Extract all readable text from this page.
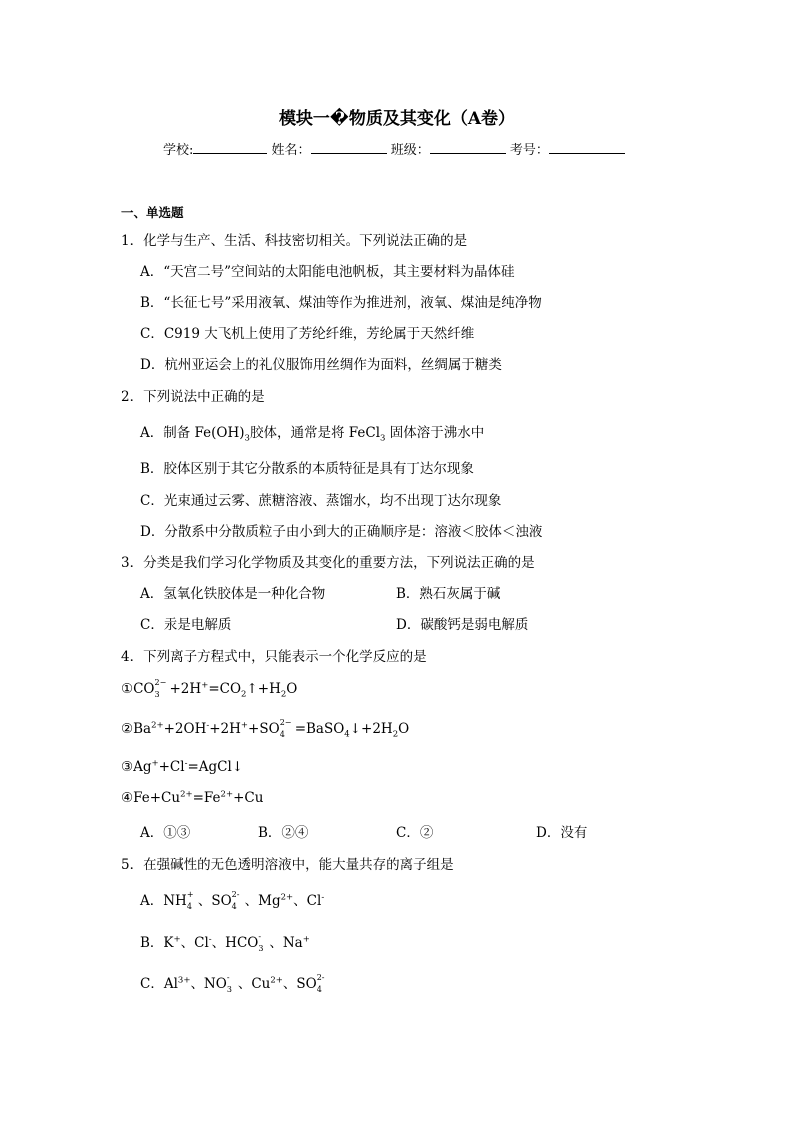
模块一�物质及其变化（A卷）
学校:	姓名：	班级：	考号：
一、单选题
1．化学与生产、生活、科技密切相关。下列说法正确的是
A．“天宫二号”空间站的太阳能电池帆板，其主要材料为晶体硅
B．“长征七号”采用液氧、煤油等作为推进剂，液氧、煤油是纯净物
C．C919 大飞机上使用了芳纶纤维，芳纶属于天然纤维
D．杭州亚运会上的礼仪服饰用丝绸作为面料，丝绸属于糖类
2．下列说法中正确的是
A．制备 $Fe(OH)_3$胶体，通常是将 FeCl$_3$ 固体溶于沸水中
B．胶体区别于其它分散系的本质特征是具有丁达尔现象
C．光束通过云雾、蔗糖溶液、蒸馏水，均不出现丁达尔现象
D．分散系中分散质粒子由小到大的正确顺序是：溶液＜胶体＜浊液
3．分类是我们学习化学物质及其变化的重要方法，下列说法正确的是
A．氢氧化铁胶体是一种化合物	B．熟石灰属于碱
C．汞是电解质	D．碳酸钙是弱电解质
4．下列离子方程式中，只能表示一个化学反应的是
①CO 2−
$3 +2H^+=CO_2↑+H_2O$
$②Ba^{2+}+2OH^-+2H^++SO$ 2−
$4 =BaSO_4↓+2H_2O$
③Ag++Cl-=AgCl↓
$④Fe+Cu^{2+}=Fe^{2+}+Cu$
A．①③	B．②④	C．②	D．没有
5．在强碱性的无色透明溶液中，能大量共存的离子组是
A．NH +
4 、SO 2-
4 、$Mg^{2+}$、Cl-
B．K+、Cl-、HCO -
3 、Na+
C．$Al^{3+}$、NO -
3 、$Cu^{2+}$、SO 2-
4
